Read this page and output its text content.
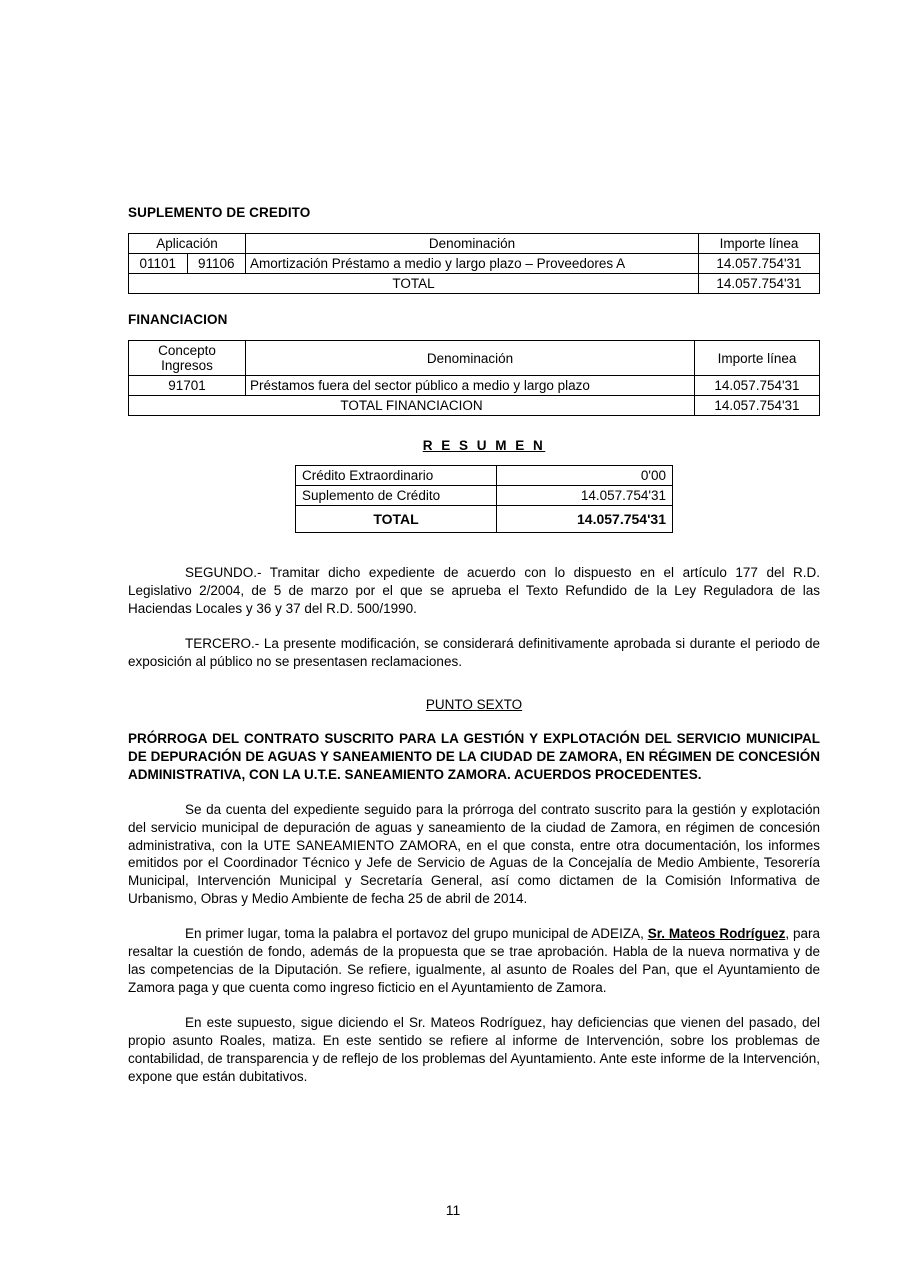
SUPLEMENTO DE CREDITO
Aplicación		Denominación	Importe línea
01101	91106	Amortización Préstamo a medio y largo plazo – Proveedores A	14.057.754'31
TOTAL			14.057.754'31
FINANCIACION
Concepto
Ingresos	Denominación	Importe línea
91701	Préstamos fuera del sector público a medio y largo plazo	14.057.754'31
TOTAL FINANCIACION		14.057.754'31
R E S U M E N
Crédito Extraordinario	0'00
Suplemento de Crédito	14.057.754'31
TOTAL	14.057.754'31

SEGUNDO.- Tramitar dicho expediente de acuerdo con lo dispuesto en el artículo 177 del R.D. Legislativo 2/2004, de 5 de marzo por el que se aprueba el Texto Refundido de la Ley Reguladora de las Haciendas Locales y 36 y 37 del R.D. 500/1990.

TERCERO.- La presente modificación, se considerará definitivamente aprobada si durante el periodo de exposición al público no se presentasen reclamaciones.

PUNTO SEXTO
PRÓRROGA DEL CONTRATO SUSCRITO PARA LA GESTIÓN Y EXPLOTACIÓN DEL SERVICIO MUNICIPAL DE DEPURACIÓN DE AGUAS Y SANEAMIENTO DE LA CIUDAD DE ZAMORA, EN RÉGIMEN DE CONCESIÓN ADMINISTRATIVA, CON LA U.T.E. SANEAMIENTO ZAMORA. ACUERDOS PROCEDENTES.

Se da cuenta del expediente seguido para la prórroga del contrato suscrito para la gestión y explotación del servicio municipal de depuración de aguas y saneamiento de la ciudad de Zamora, en régimen de concesión administrativa, con la UTE SANEAMIENTO ZAMORA, en el que consta, entre otra documentación, los informes emitidos por el Coordinador Técnico y Jefe de Servicio de Aguas de la Concejalía de Medio Ambiente, Tesorería Municipal, Intervención Municipal y Secretaría General, así como dictamen de la Comisión Informativa de Urbanismo, Obras y Medio Ambiente de fecha 25 de abril de 2014.

En primer lugar, toma la palabra el portavoz del grupo municipal de ADEIZA, Sr. Mateos Rodríguez, para resaltar la cuestión de fondo, además de la propuesta que se trae aprobación. Habla de la nueva normativa y de las competencias de la Diputación. Se refiere, igualmente, al asunto de Roales del Pan, que el Ayuntamiento de Zamora paga y que cuenta como ingreso ficticio en el Ayuntamiento de Zamora.

En este supuesto, sigue diciendo el Sr. Mateos Rodríguez, hay deficiencias que vienen del pasado, del propio asunto Roales, matiza. En este sentido se refiere al informe de Intervención, sobre los problemas de contabilidad, de transparencia y de reflejo de los problemas del Ayuntamiento. Ante este informe de la Intervención, expone que están dubitativos.

11
